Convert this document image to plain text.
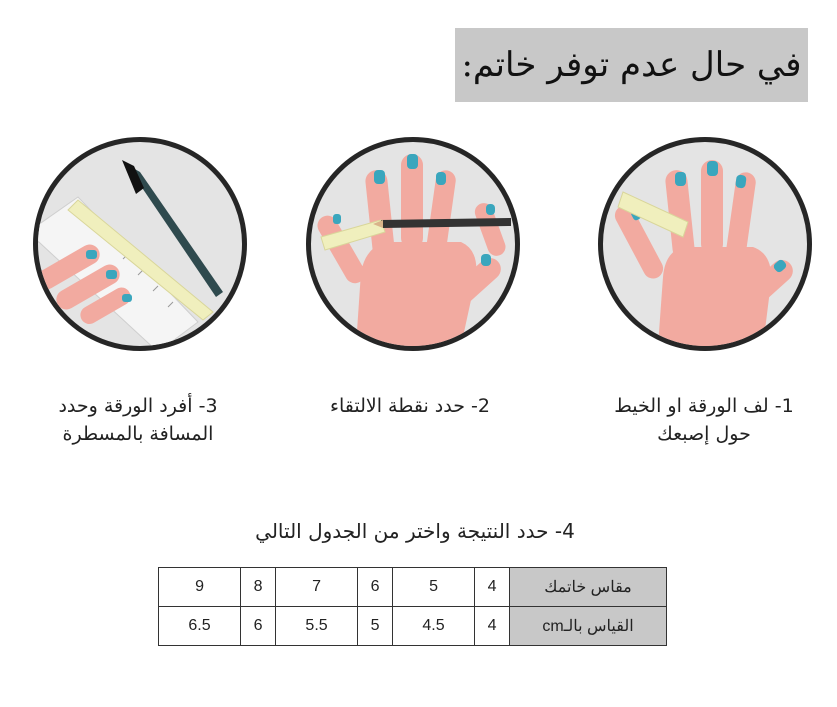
في حال عدم توفر خاتم:
1- لف الورقة او الخيط
حول إصبعك
2- حدد نقطة الالتقاء
3- أفرد الورقة وحدد
المسافة بالمسطرة
4- حدد النتيجة واختر من الجدول التالي
مقاس خاتمك	4	5	6	7	8	9
القياس بالـcm	4	4.5	5	5.5	6	6.5
